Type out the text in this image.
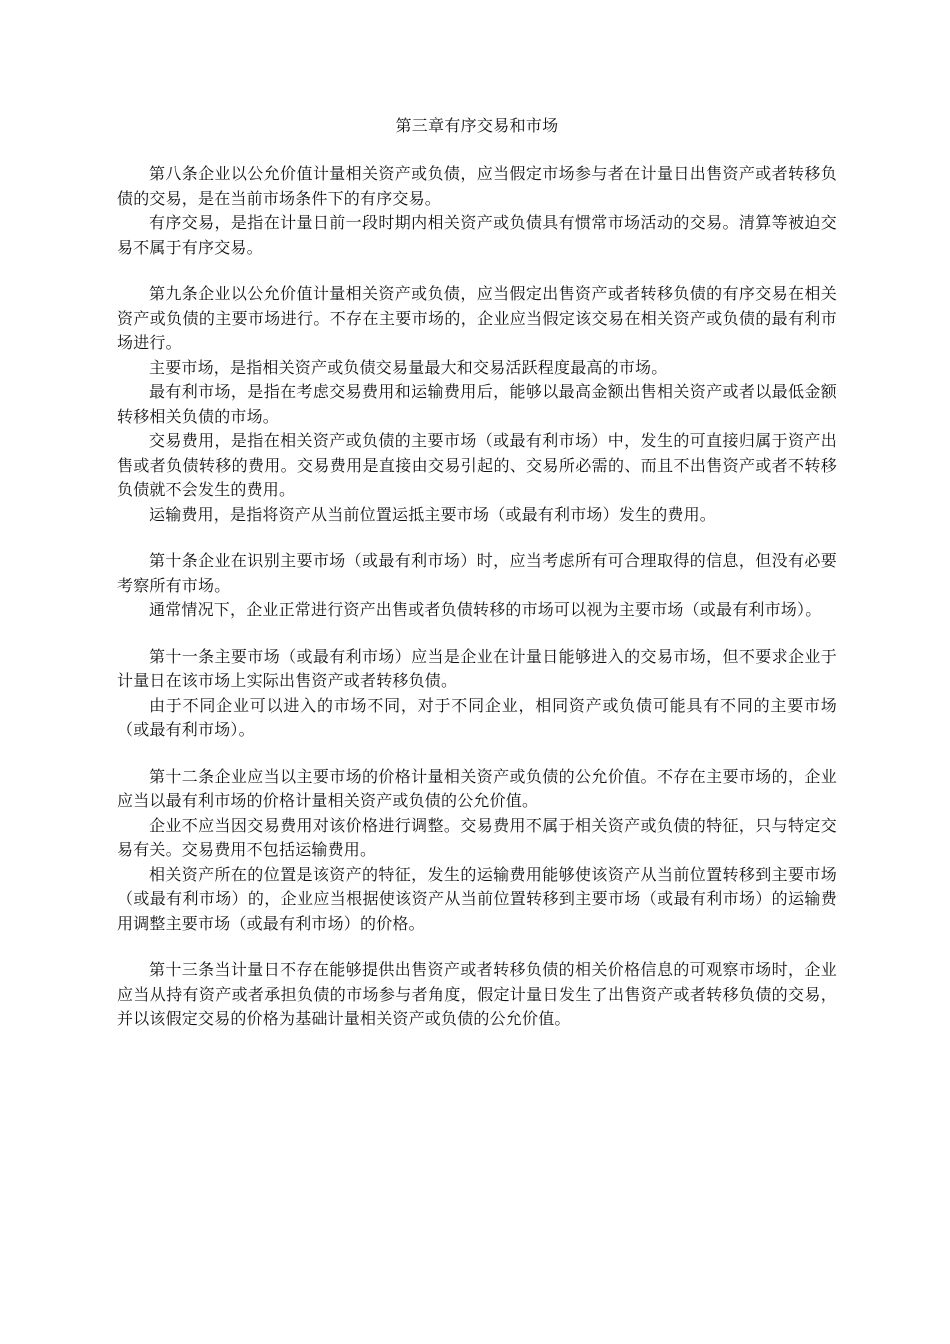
第三章有序交易和市场

第八条企业以公允价值计量相关资产或负债，应当假定市场参与者在计量日出售资产或者转移负债的交易，是在当前市场条件下的有序交易。

有序交易，是指在计量日前一段时期内相关资产或负债具有惯常市场活动的交易。清算等被迫交易不属于有序交易。

第九条企业以公允价值计量相关资产或负债，应当假定出售资产或者转移负债的有序交易在相关资产或负债的主要市场进行。不存在主要市场的，企业应当假定该交易在相关资产或负债的最有利市场进行。

主要市场，是指相关资产或负债交易量最大和交易活跃程度最高的市场。

最有利市场，是指在考虑交易费用和运输费用后，能够以最高金额出售相关资产或者以最低金额转移相关负债的市场。

交易费用，是指在相关资产或负债的主要市场（或最有利市场）中，发生的可直接归属于资产出售或者负债转移的费用。交易费用是直接由交易引起的、交易所必需的、而且不出售资产或者不转移负债就不会发生的费用。

运输费用，是指将资产从当前位置运抵主要市场（或最有利市场）发生的费用。

第十条企业在识别主要市场（或最有利市场）时，应当考虑所有可合理取得的信息，但没有必要考察所有市场。

通常情况下，企业正常进行资产出售或者负债转移的市场可以视为主要市场（或最有利市场）。

第十一条主要市场（或最有利市场）应当是企业在计量日能够进入的交易市场，但不要求企业于计量日在该市场上实际出售资产或者转移负债。

由于不同企业可以进入的市场不同，对于不同企业，相同资产或负债可能具有不同的主要市场（或最有利市场）。

第十二条企业应当以主要市场的价格计量相关资产或负债的公允价值。不存在主要市场的，企业应当以最有利市场的价格计量相关资产或负债的公允价值。

企业不应当因交易费用对该价格进行调整。交易费用不属于相关资产或负债的特征，只与特定交易有关。交易费用不包括运输费用。

相关资产所在的位置是该资产的特征，发生的运输费用能够使该资产从当前位置转移到主要市场（或最有利市场）的，企业应当根据使该资产从当前位置转移到主要市场（或最有利市场）的运输费用调整主要市场（或最有利市场）的价格。

第十三条当计量日不存在能够提供出售资产或者转移负债的相关价格信息的可观察市场时，企业应当从持有资产或者承担负债的市场参与者角度，假定计量日发生了出售资产或者转移负债的交易，并以该假定交易的价格为基础计量相关资产或负债的公允价值。
